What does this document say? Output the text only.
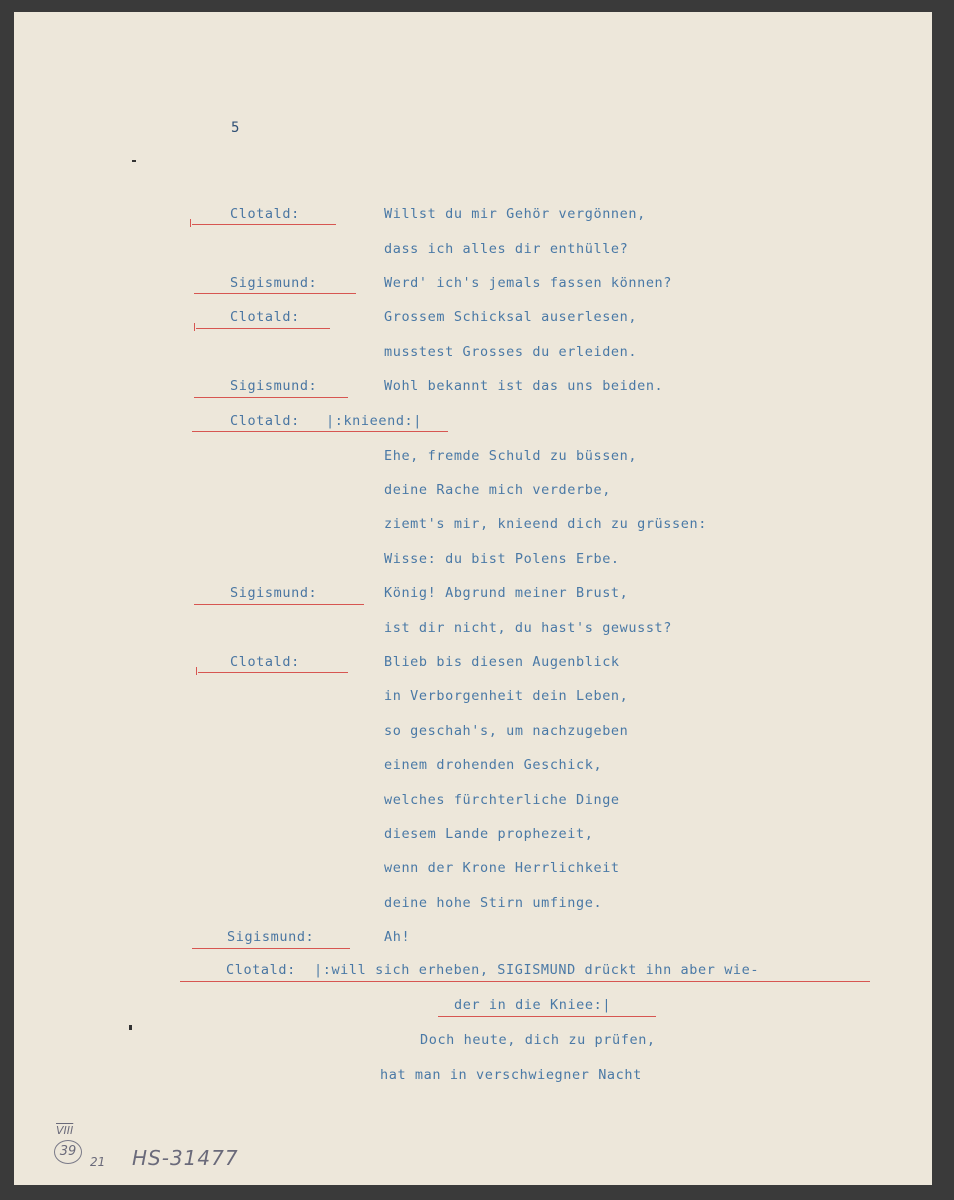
5
Clotald:	Willst du mir Gehör vergönnen,
dass ich alles dir enthülle?
Sigismund:	Werd' ich's jemals fassen können?
Clotald:	Grossem Schicksal auserlesen,
musstest Grosses du erleiden.
Sigismund:	Wohl bekannt ist das uns beiden.
Clotald: |:knieend:|
Ehe, fremde Schuld zu büssen,
deine Rache mich verderbe,
ziemt's mir, knieend dich zu grüssen:
Wisse: du bist Polens Erbe.
Sigismund:	König! Abgrund meiner Brust,
ist dir nicht, du hast's gewusst?
Clotald:	Blieb bis diesen Augenblick
in Verborgenheit dein Leben,
so geschah's, um nachzugeben
einem drohenden Geschick,
welches fürchterliche Dinge
diesem Lande prophezeit,
wenn der Krone Herrlichkeit
deine hohe Stirn umfinge.
Sigismund:	Ah!
Clotald: |:will sich erheben, SIGISMUND drückt ihn aber wie-
der in die Kniee:|
Doch heute, dich zu prüfen,
hat man in verschwiegner Nacht
VIII
39
21 HS-31477
